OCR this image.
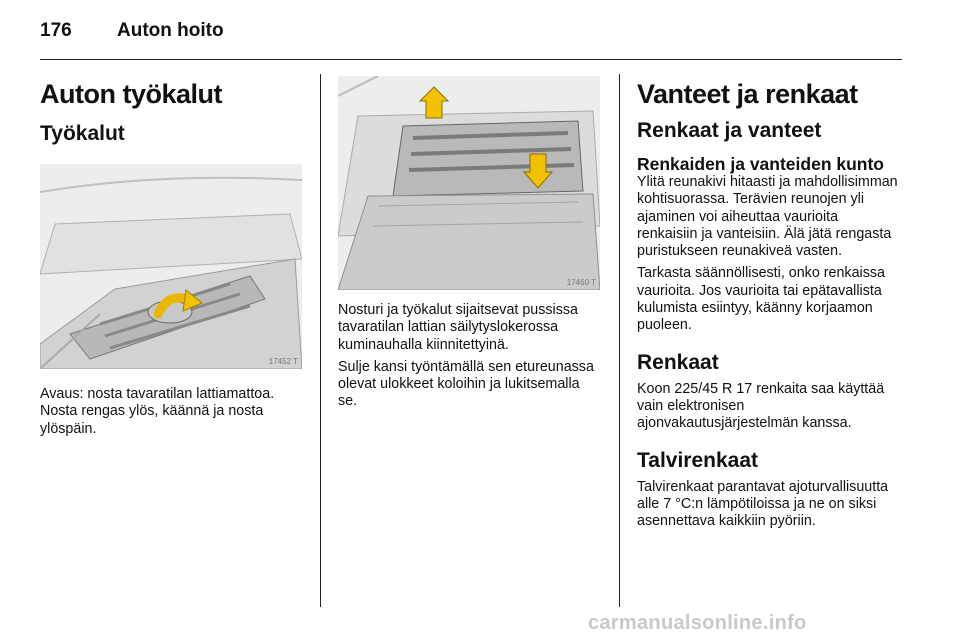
176 Auton hoito
Auton työkalut
Työkalut
17452 T

Avaus: nosta tavaratilan lattiamattoa. Nosta rengas ylös, käännä ja nosta ylöspäin.

17460 T

Nosturi ja työkalut sijaitsevat pussissa tavaratilan lattian säilytyslokerossa kuminauhalla kiinnitettyinä.

Sulje kansi työntämällä sen etureunassa olevat ulokkeet koloihin ja lukitsemalla se.

Vanteet ja renkaat
Renkaat ja vanteet
Renkaiden ja vanteiden kunto

Ylitä reunakivi hitaasti ja mahdollisimman kohtisuorassa. Terävien reunojen yli ajaminen voi aiheuttaa vaurioita renkaisiin ja vanteisiin. Älä jätä rengasta puristukseen reunakiveä vasten.

Tarkasta säännöllisesti, onko renkaissa vaurioita. Jos vaurioita tai epätavallista kulumista esiintyy, käänny korjaamon puoleen.

Renkaat

Koon 225/45 R 17 renkaita saa käyttää vain elektronisen ajonvakautusjärjestelmän kanssa.

Talvirenkaat

Talvirenkaat parantavat ajoturvallisuutta alle 7 °C:n lämpötiloissa ja ne on siksi asennettava kaikkiin pyöriin.

carmanualsonline.info
